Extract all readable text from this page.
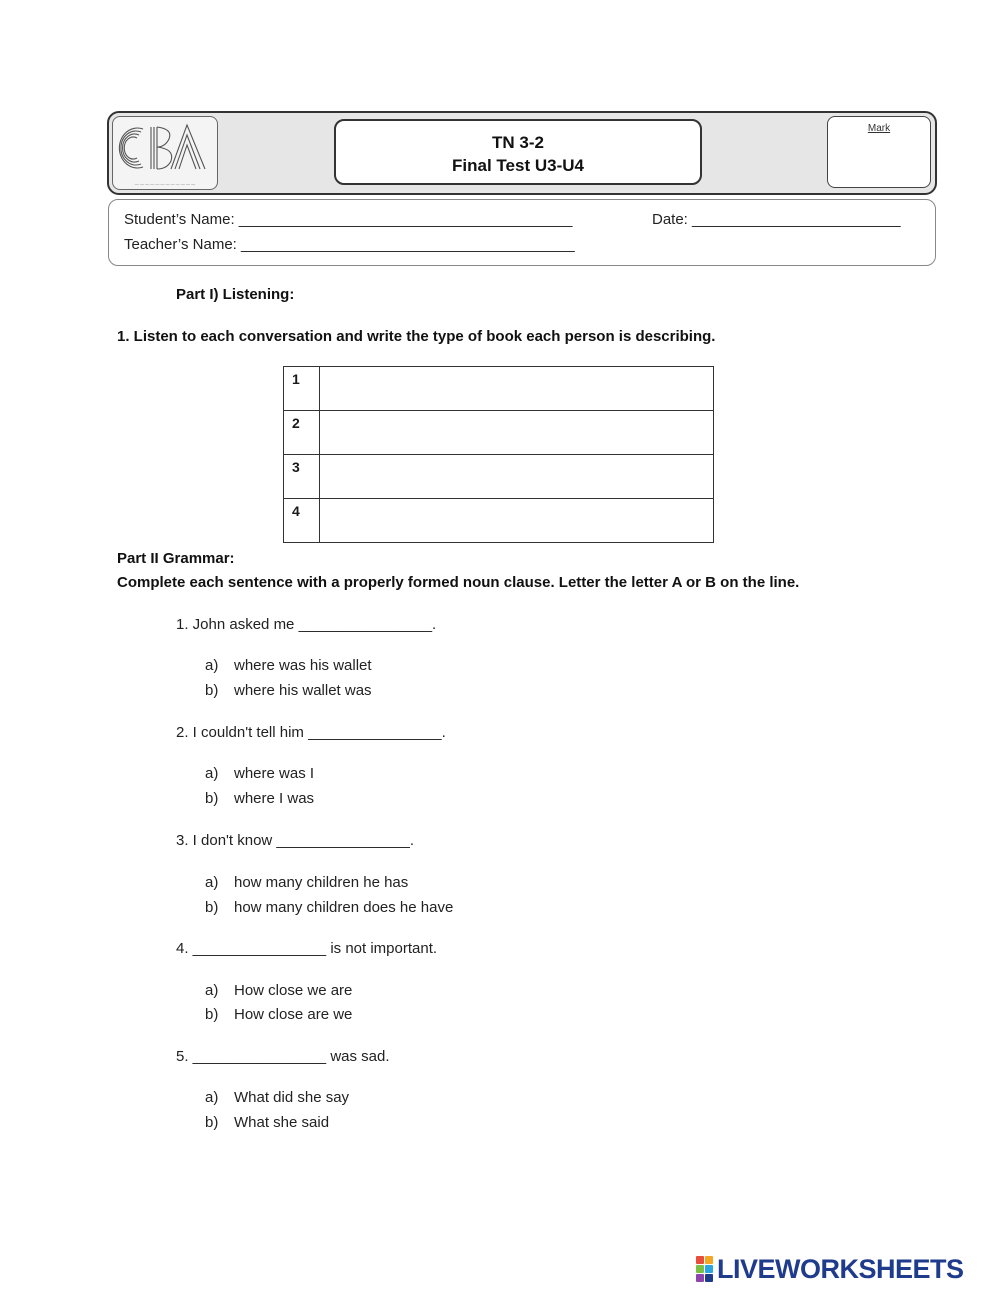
— — — — — — — — — — — —
TN 3-2
Final Test U3-U4
Mark
Student’s Name: ________________________________________	Date: _________________________
Teacher’s Name: ________________________________________
Part I) Listening:
1. Listen to each conversation and write the type of book each person is describing.
1	
2	
3	
4	
Part II Grammar:
Complete each sentence with a properly formed noun clause. Letter the letter A or B on the line.
1. John asked me ________________.
a) where was his wallet
b) where his wallet was
2. I couldn't tell him ________________.
a) where was I
b) where I was
3. I don't know ________________.
a) how many children he has
b) how many children does he have
4. ________________ is not important.
a) How close we are
b) How close are we
5. ________________ was sad.
a) What did she say
b) What she said
LIVEWORKSHEETS
